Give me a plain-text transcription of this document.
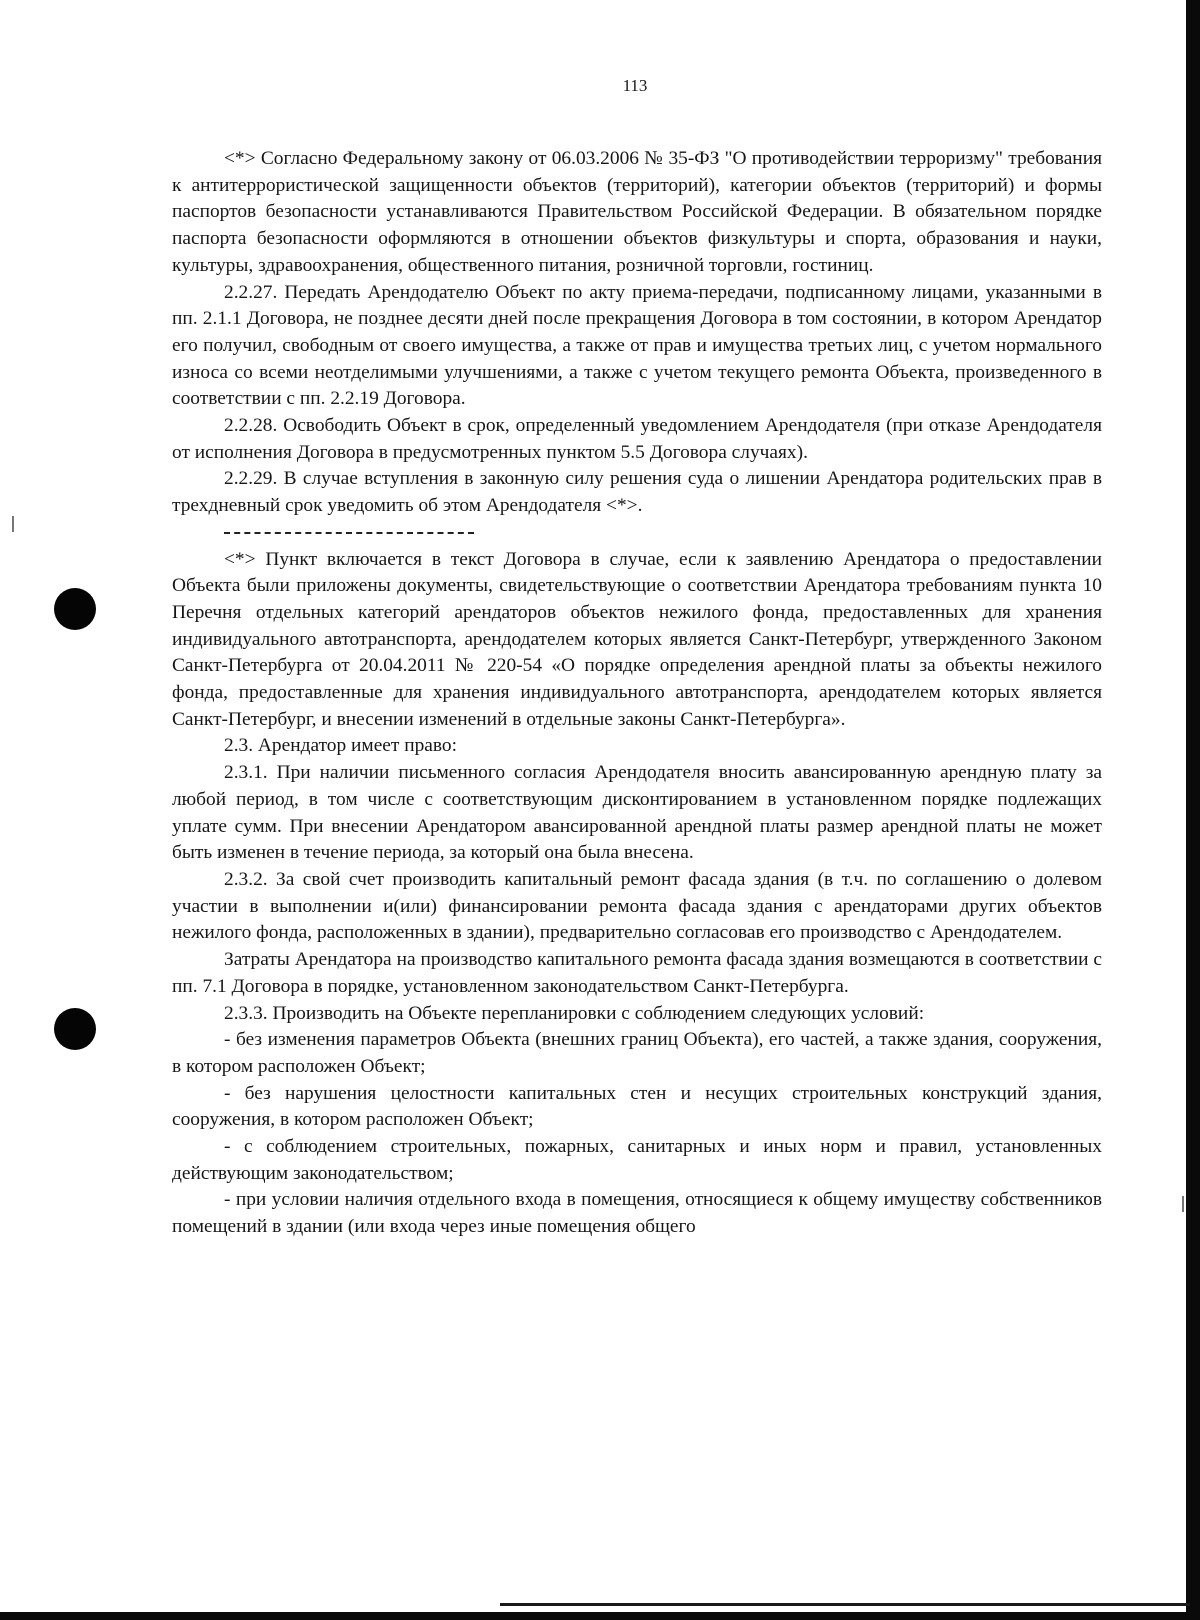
113

<*> Согласно Федеральному закону от 06.03.2006 № 35-ФЗ "О противодействии терроризму" требования к антитеррористической защищенности объектов (территорий), категории объектов (территорий) и формы паспортов безопасности устанавливаются Правительством Российской Федерации. В обязательном порядке паспорта безопасности оформляются в отношении объектов физкультуры и спорта, образования и науки, культуры, здравоохранения, общественного питания, розничной торговли, гостиниц.

2.2.27. Передать Арендодателю Объект по акту приема-передачи, подписанному лицами, указанными в пп. 2.1.1 Договора, не позднее десяти дней после прекращения Договора в том состоянии, в котором Арендатор его получил, свободным от своего имущества, а также от прав и имущества третьих лиц, с учетом нормального износа со всеми неотделимыми улучшениями, а также с учетом текущего ремонта Объекта, произведенного в соответствии с пп. 2.2.19 Договора.

2.2.28. Освободить Объект в срок, определенный уведомлением Арендодателя (при отказе Арендодателя от исполнения Договора в предусмотренных пунктом 5.5 Договора случаях).

2.2.29. В случае вступления в законную силу решения суда о лишении Арендатора родительских прав в трехдневный срок уведомить об этом Арендодателя <*>.

<*> Пункт включается в текст Договора в случае, если к заявлению Арендатора о предоставлении Объекта были приложены документы, свидетельствующие о соответствии Арендатора требованиям пункта 10 Перечня отдельных категорий арендаторов объектов нежилого фонда, предоставленных для хранения индивидуального автотранспорта, арендодателем которых является Санкт-Петербург, утвержденного Законом Санкт-Петербурга от 20.04.2011 № 220-54 «О порядке определения арендной платы за объекты нежилого фонда, предоставленные для хранения индивидуального автотранспорта, арендодателем которых является Санкт-Петербург, и внесении изменений в отдельные законы Санкт-Петербурга».

2.3. Арендатор имеет право:

2.3.1. При наличии письменного согласия Арендодателя вносить авансированную арендную плату за любой период, в том числе с соответствующим дисконтированием в установленном порядке подлежащих уплате сумм. При внесении Арендатором авансированной арендной платы размер арендной платы не может быть изменен в течение периода, за который она была внесена.

2.3.2. За свой счет производить капитальный ремонт фасада здания (в т.ч. по соглашению о долевом участии в выполнении и(или) финансировании ремонта фасада здания с арендаторами других объектов нежилого фонда, расположенных в здании), предварительно согласовав его производство с Арендодателем.

Затраты Арендатора на производство капитального ремонта фасада здания возмещаются в соответствии с пп. 7.1 Договора в порядке, установленном законодательством Санкт-Петербурга.

2.3.3. Производить на Объекте перепланировки с соблюдением следующих условий:

- без изменения параметров Объекта (внешних границ Объекта), его частей, а также здания, сооружения, в котором расположен Объект;

- без нарушения целостности капитальных стен и несущих строительных конструкций здания, сооружения, в котором расположен Объект;

- с соблюдением строительных, пожарных, санитарных и иных норм и правил, установленных действующим законодательством;

- при условии наличия отдельного входа в помещения, относящиеся к общему имуществу собственников помещений в здании (или входа через иные помещения общего
